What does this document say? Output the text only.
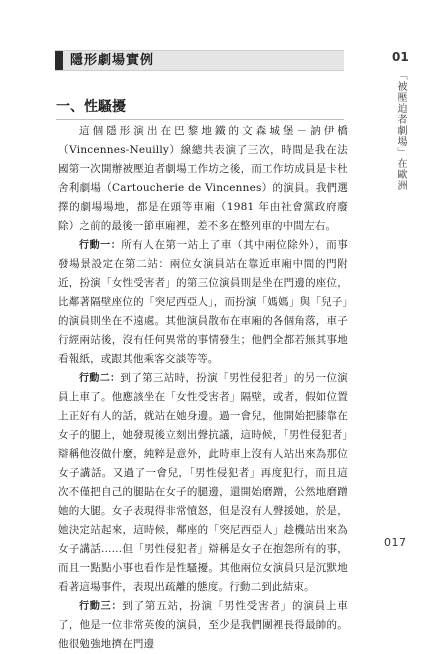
隱形劇場實例
一、性騷擾

這個隱形演出在巴黎地鐵的文森城堡－訥伊橋（Vincennes-Neuilly）線總共表演了三次，時間是我在法國第一次開辦被壓迫者劇場工作坊之後，而工作坊成員是卡杜舍利劇場（Cartoucherie de Vincennes）的演員。我們選擇的劇場場地，都是在頭等車廂（1981 年由社會黨政府廢除）之前的最後一節車廂裡，差不多在整列車的中間左右。

行動一：所有人在第一站上了車（其中兩位除外），而事發場景設定在第二站：兩位女演員站在靠近車廂中間的門附近，扮演「女性受害者」的第三位演員則是坐在門邊的座位，比鄰著隔壁座位的「突尼西亞人」，而扮演「媽媽」與「兒子」的演員則坐在不遠處。其他演員散布在車廂的各個角落，車子行經兩站後，沒有任何異常的事情發生；他們全都若無其事地看報紙，或跟其他乘客交談等等。

行動二：到了第三站時，扮演「男性侵犯者」的另一位演員上車了。他應該坐在「女性受害者」隔壁，或者，假如位置上正好有人的話，就站在她身邊。過一會兒，他開始把膝靠在女子的腿上，她發現後立刻出聲抗議，這時候，「男性侵犯者」辯稱他沒做什麼，純粹是意外，此時車上沒有人站出來為那位女子講話。又過了一會兒，「男性侵犯者」再度犯行，而且這次不僅把自己的腿貼在女子的腿邊，還開始磨蹭，公然地磨蹭她的大腿。女子表現得非常憤怒，但是沒有人聲援她，於是，她決定站起來，這時候，鄰座的「突尼西亞人」趁機站出來為女子講話……但「男性侵犯者」辯稱是女子在抱怨所有的事，而且一點點小事也看作是性騷擾。其他兩位女演員只是沉默地看著這場事件，表現出疏離的態度。行動二到此結束。

行動三：到了第五站，扮演「男性受害者」的演員上車了，他是一位非常英俊的演員，至少是我們團裡長得最帥的。他很勉強地擠在門邊

01
「被壓迫者劇場」在歐洲
017
